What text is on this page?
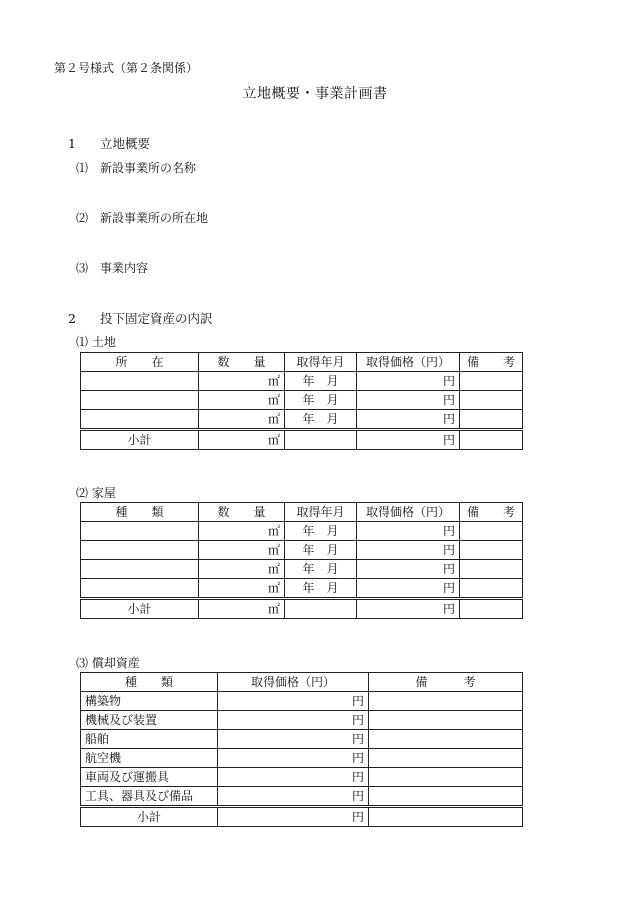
第２号様式（第２条関係）
立地概要・事業計画書
1 立地概要
⑴ 新設事業所の名称
⑵ 新設事業所の所在地
⑶ 事業内容
2 投下固定資産の内訳
⑴ 土地
所　　在	数　　量	取得年月	取得価格（円）	備　　考
	㎡	年　 月	円	
	㎡	年　 月	円	
	㎡	年　 月	円	
小計	㎡		円	
⑵ 家屋
種　　類	数　　量	取得年月	取得価格（円）	備　　考
	㎡	年　 月	円	
	㎡	年　 月	円	
	㎡	年　 月	円	
	㎡	年　 月	円	
小計	㎡		円	
⑶ 償却資産
種　　類	取得価格（円）	備　　　考
構築物	円	
機械及び装置	円	
船舶	円	
航空機	円	
車両及び運搬具	円	
工具、器具及び備品	円	
小計	円	
